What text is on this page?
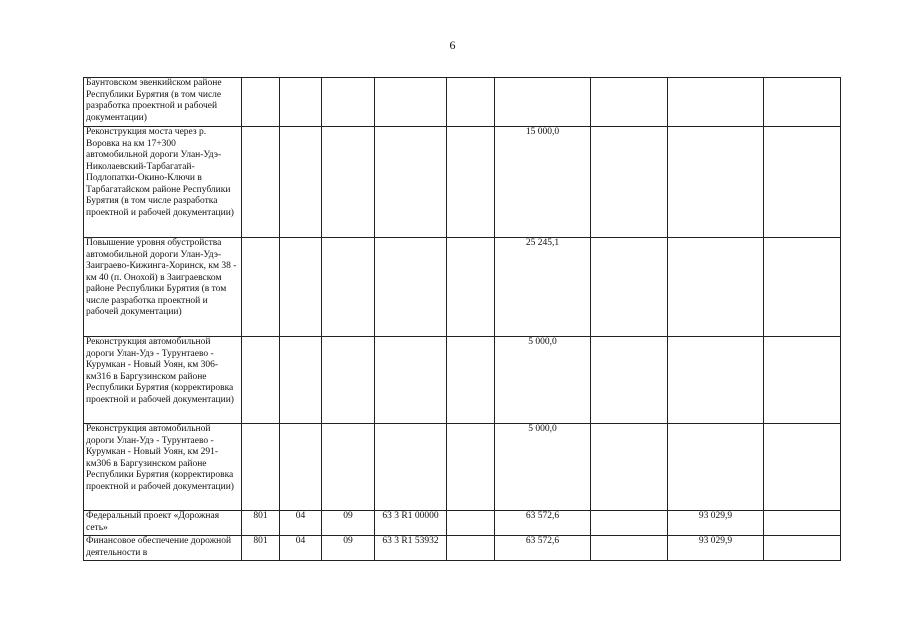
6
Баунтовском эвенкийском районе Республики Бурятия (в том числе разработка проектной и рабочей документации)									
Реконструкция моста через р. Воровка на км 17+300 автомобильной дороги Улан-Удэ-Николаевский-Тарбагатай-Подлопатки-Окино-Ключи в Тарбагатайском районе Республики Бурятия (в том числе разработка проектной и рабочей документации)						15 000,0			
Повышение уровня обустройства автомобильной дороги Улан-Удэ-Заиграево-Кижинга-Хоринск, км 38 - км 40 (п. Онохой) в Заиграевском районе Республики Бурятия (в том числе разработка проектной и рабочей документации)						25 245,1			
Реконструкция автомобильной дороги Улан-Удэ - Турунтаево - Курумкан - Новый Уоян, км 306-км316 в Баргузинском районе Республики Бурятия (корректировка проектной и рабочей документации)						5 000,0			
Реконструкция автомобильной дороги Улан-Удэ - Турунтаево - Курумкан - Новый Уоян, км 291-км306 в Баргузинском районе Республики Бурятия (корректировка проектной и рабочей документации)						5 000,0			
Федеральный проект «Дорожная сеть»	801	04	09	63 3 R1 00000		63 572,6		93 029,9	
Финансовое обеспечение дорожной деятельности в	801	04	09	63 3 R1 53932		63 572,6		93 029,9	
